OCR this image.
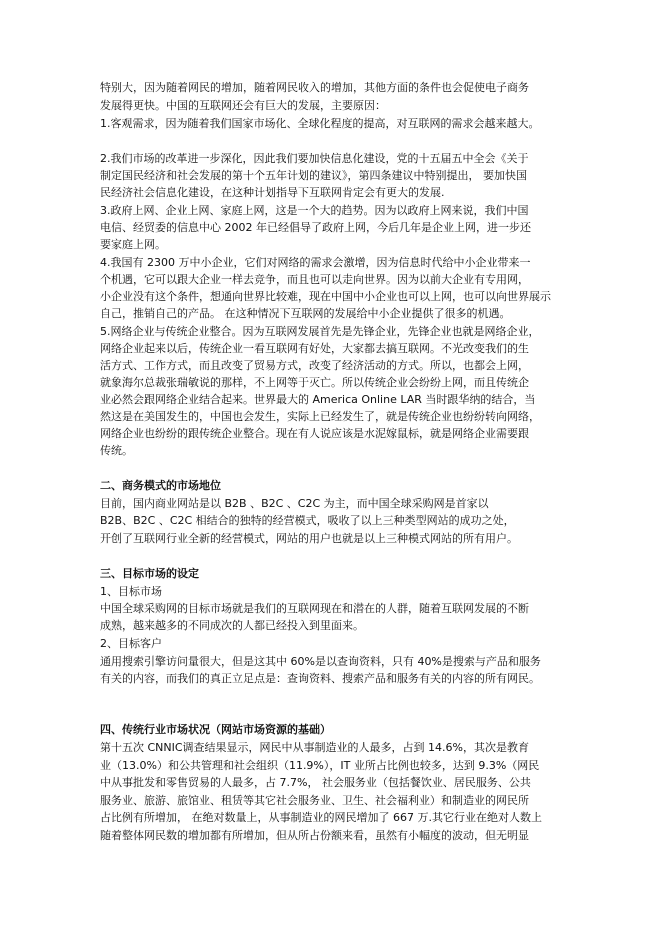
特别大，因为随着网民的增加，随着网民收入的增加，其他方面的条件也会促使电子商务
发展得更快。中国的互联网还会有巨大的发展，主要原因：
1.客观需求，因为随着我们国家市场化、全球化程度的提高，对互联网的需求会越来越大。
2.我们市场的改革进一步深化，因此我们要加快信息化建设，党的十五届五中全会《关于
制定国民经济和社会发展的第十个五年计划的建议》，第四条建议中特别提出， 要加快国
民经济社会信息化建设，在这种计划指导下互联网肯定会有更大的发展.
3.政府上网、企业上网、家庭上网，这是一个大的趋势。因为以政府上网来说，我们中国
电信、经贸委的信息中心 2002 年已经倡导了政府上网，今后几年是企业上网，进一步还
要家庭上网。
4.我国有 2300 万中小企业，它们对网络的需求会激增，因为信息时代给中小企业带来一
个机遇，它可以跟大企业一样去竞争，而且也可以走向世界。因为以前大企业有专用网，
小企业没有这个条件，想通向世界比较难，现在中国中小企业也可以上网，也可以向世界展示
自己，推销自己的产品。 在这种情况下互联网的发展给中小企业提供了很多的机遇。
5.网络企业与传统企业整合。因为互联网发展首先是先锋企业，先锋企业也就是网络企业，
网络企业起来以后，传统企业一看互联网有好处，大家都去搞互联网。不光改变我们的生
活方式、工作方式，而且改变了贸易方式，改变了经济活动的方式。所以，也都会上网，
就象海尔总裁张瑞敏说的那样，不上网等于灭亡。所以传统企业会纷纷上网，而且传统企
业必然会跟网络企业结合起来。世界最大的 America Online LAR 当时跟华纳的结合，当
然这是在美国发生的，中国也会发生，实际上已经发生了，就是传统企业也纷纷转向网络，
网络企业也纷纷的跟传统企业整合。现在有人说应该是水泥嫁鼠标，就是网络企业需要跟
传统。
二、商务模式的市场地位
目前，国内商业网站是以 B2B 、B2C 、C2C 为主，而中国全球采购网是首家以
B2B、B2C 、C2C 相结合的独特的经营模式，吸收了以上三种类型网站的成功之处，
开创了互联网行业全新的经营模式，网站的用户也就是以上三种模式网站的所有用户。
三、目标市场的设定
1、目标市场
中国全球采购网的目标市场就是我们的互联网现在和潜在的人群，随着互联网发展的不断
成熟，越来越多的不同成次的人都已经投入到里面来。
2、目标客户
通用搜索引擎访问量很大，但是这其中 60%是以查询资料，只有 40%是搜索与产品和服务
有关的内容，而我们的真正立足点是：查询资料、搜索产品和服务有关的内容的所有网民。
四、传统行业市场状况（网站市场资源的基础）
第十五次 CNNIC调查结果显示，网民中从事制造业的人最多，占到 14.6%，其次是教育
业（13.0%）和公共管理和社会组织（11.9%），IT 业所占比例也较多，达到 9.3%（网民
中从事批发和零售贸易的人最多，占 7.7%， 社会服务业（包括餐饮业、居民服务、公共
服务业、旅游、旅馆业、租赁等其它社会服务业、卫生、社会福利业）和制造业的网民所
占比例有所增加， 在绝对数量上，从事制造业的网民增加了 667 万.其它行业在绝对人数上
随着整体网民数的增加都有所增加，但从所占份额来看，虽然有小幅度的波动，但无明显
